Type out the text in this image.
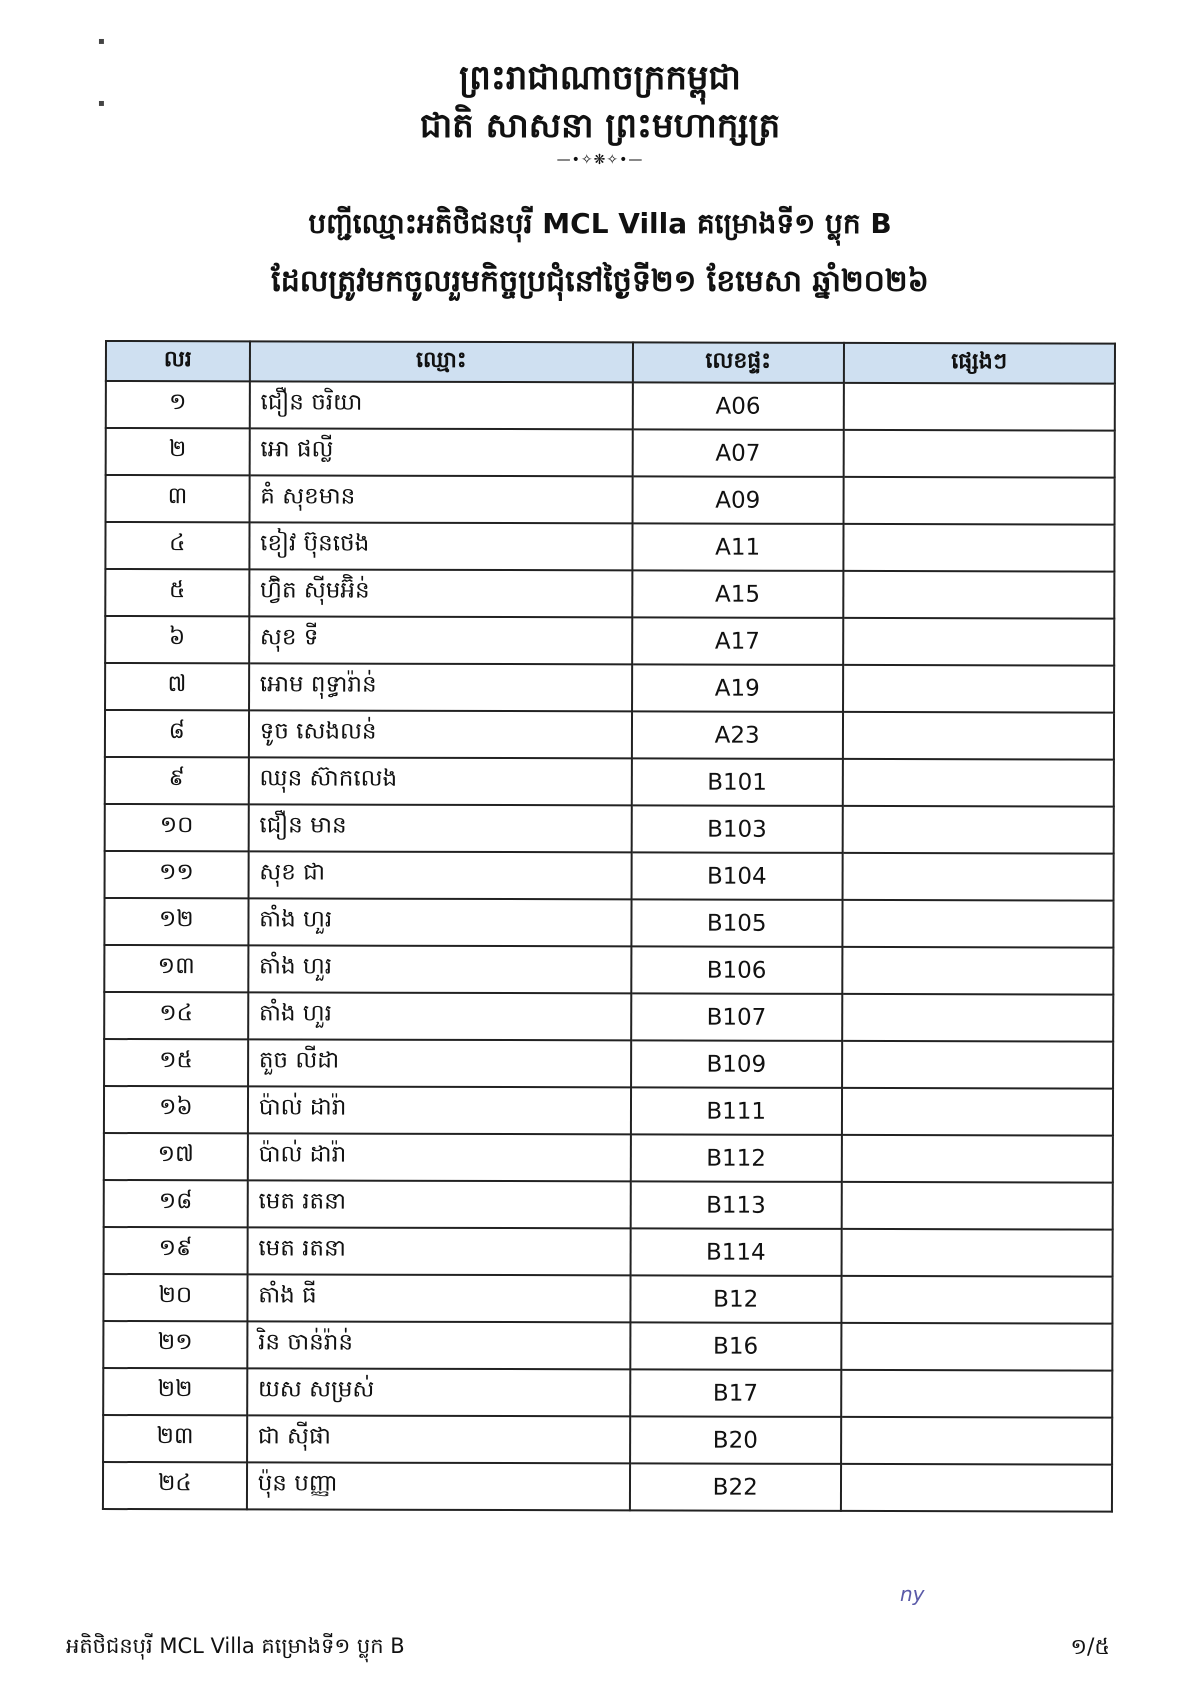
▪
▪
ព្រះរាជាណាចក្រកម្ពុជា
ជាតិ សាសនា ព្រះមហាក្សត្រ
—•✧❋✧•—
បញ្ជីឈ្មោះអតិថិជនបុរី MCL Villa គម្រោងទី១ ប្លុក B
ដែលត្រូវមកចូលរួមកិច្ចប្រជុំនៅថ្ងៃទី២១ ខែមេសា ឆ្នាំ២០២៦
លរ	ឈ្មោះ	លេខផ្ទះ	ផ្សេងៗ
១	ជឿន ចរិយា	A06	
២	អោ ផល្លី	A07	
៣	គំ សុខមាន	A09	
៤	ខៀវ ប៊ុនថេង	A11	
៥	ហ៊្វិត ស៊ីមអ៊ិន់	A15	
៦	សុខ ទី	A17	
៧	អោម ពុទ្ធារ៉ាន់	A19	
៨	ទូច សេងលន់	A23	
៩	ឈុន ស៊ាកលេង	B101	
១០	ជឿន មាន	B103	
១១	សុខ ជា	B104	
១២	តាំង ហួរ	B105	
១៣	តាំង ហួរ	B106	
១៤	តាំង ហួរ	B107	
១៥	តួច លីដា	B109	
១៦	ប៉ាល់ ដារ៉ា	B111	
១៧	ប៉ាល់ ដារ៉ា	B112	
១៨	មេត រតនា	B113	
១៩	មេត រតនា	B114	
២០	តាំង ធី	B12	
២១	រិន ចាន់រ៉ាន់	B16	
២២	យស សម្រស់	B17	
២៣	ជា ស៊ីផា	B20	
២៤	ប៉ុន បញ្ញា	B22	
ny
អតិថិជនបុរី MCL Villa គម្រោងទី១ ប្លុក B	១/៥
